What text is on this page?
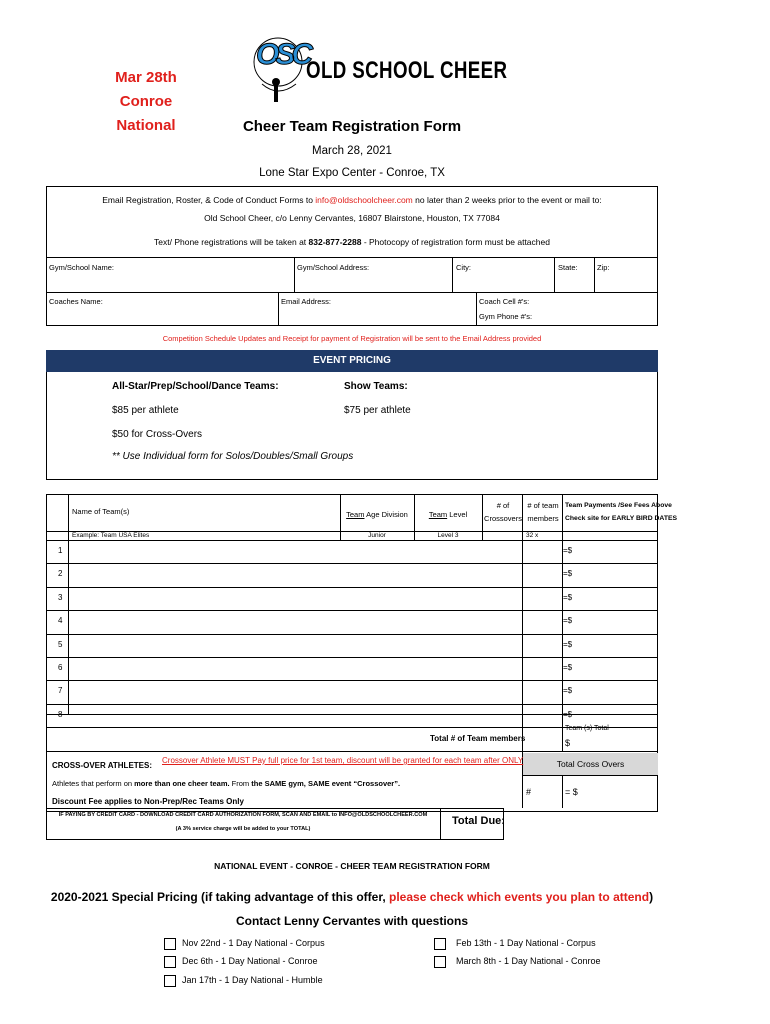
Mar 28th
Conroe National
OSC
OLD SCHOOL CHEER
Cheer Team Registration Form
March 28, 2021
Lone Star Expo Center - Conroe, TX
Email Registration, Roster, & Code of Conduct Forms to info@oldschoolcheer.com no later than 2 weeks prior to the event or mail to:
Old School Cheer, c/o Lenny Cervantes, 16807 Blairstone, Houston, TX 77084
Text/ Phone registrations will be taken at 832-877-2288 - Photocopy of registration form must be attached
Gym/School Name:	Gym/School Address:	City:	State:	Zip:
Coaches Name:	Email Address:	Coach Cell #'s:
Gym Phone #'s:
Competition Schedule Updates and Receipt for payment of Registration will be sent to the Email Address provided
EVENT PRICING
All-Star/Prep/School/Dance Teams:
$85 per athlete
Show Teams:
$75 per athlete
$50 for Cross-Overs
** Use Individual form for Solos/Doubles/Small Groups
Name of Team(s)	Team Age Division	Team Level
# of
Crossovers
# of team
members
Team Payments /See Fees Above
Check site for EARLY BIRD DATES
Example: Team USA Elites	Junior	Level 3	32 x
1	=$
2	=$
3	=$
4	=$
5	=$
6	=$
7	=$
8	=$
Total # of Team members
Team (s) Total
$
Total Cross Overs
CROSS-OVER ATHLETES:
Crossover Athlete MUST Pay full price for 1st team, discount will be granted for each team after ONLY
Athletes that perform on more than one cheer team. From the SAME gym, SAME event “Crossover”.
#	= $
Discount Fee applies to Non-Prep/Rec Teams Only
IF PAYING BY CREDIT CARD - DOWNLOAD CREDIT CARD AUTHORIZATION FORM, SCAN AND EMAIL to INFO@OLDSCHOOLCHEER.COM
(A 3% service charge will be added to your TOTAL)
Total Due:
NATIONAL EVENT - CONROE - CHEER TEAM REGISTRATION FORM
2020-2021 Special Pricing (if taking advantage of this offer, please check which events you plan to attend)
Contact Lenny Cervantes with questions
Nov 22nd - 1 Day National - Corpus
Dec 6th - 1 Day National - Conroe
Jan 17th - 1 Day National - Humble
Feb 13th - 1 Day National - Corpus
March 8th - 1 Day National - Conroe
